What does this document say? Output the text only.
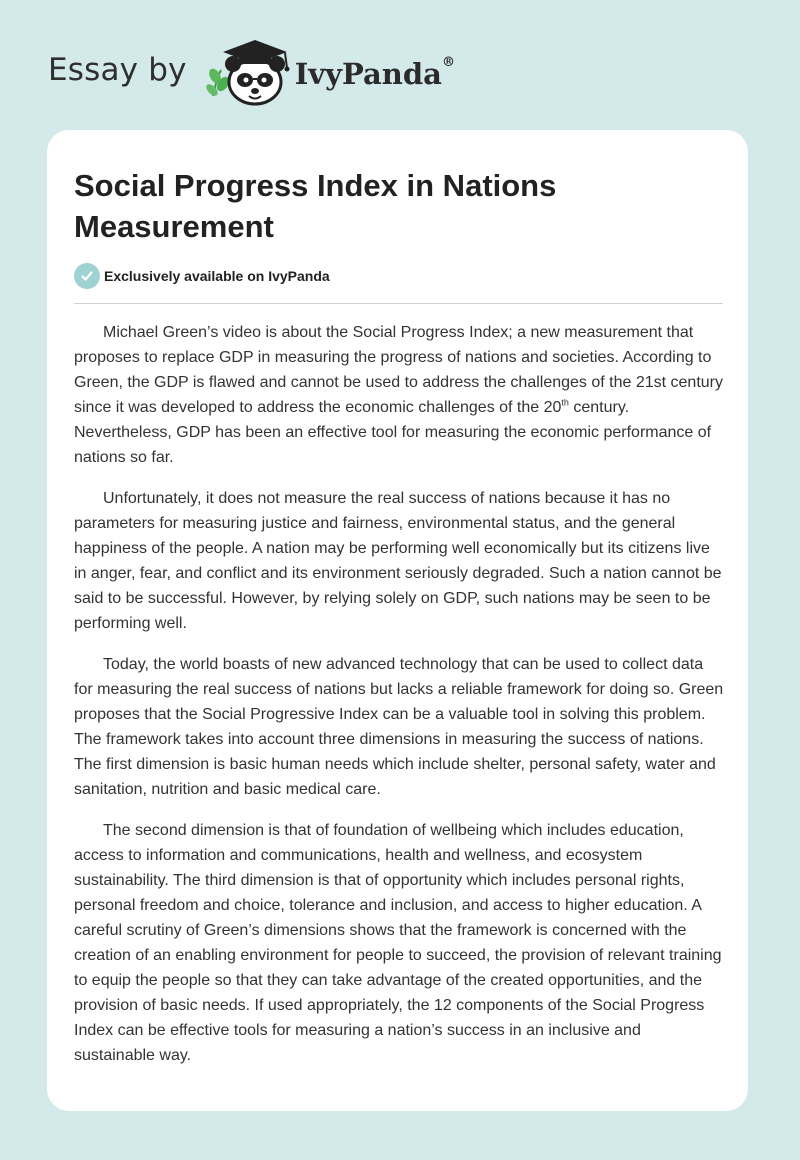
Essay by	IvyPanda®
Social Progress Index in Nations Measurement
Exclusively available on IvyPanda

Michael Green’s video is about the Social Progress Index; a new measurement that proposes to replace GDP in measuring the progress of nations and societies. According to Green, the GDP is flawed and cannot be used to address the challenges of the 21st century since it was developed to address the economic challenges of the 20th century. Nevertheless, GDP has been an effective tool for measuring the economic performance of nations so far.

Unfortunately, it does not measure the real success of nations because it has no parameters for measuring justice and fairness, environmental status, and the general happiness of the people. A nation may be performing well economically but its citizens live in anger, fear, and conflict and its environment seriously degraded. Such a nation cannot be said to be successful. However, by relying solely on GDP, such nations may be seen to be performing well.

Today, the world boasts of new advanced technology that can be used to collect data for measuring the real success of nations but lacks a reliable framework for doing so. Green proposes that the Social Progressive Index can be a valuable tool in solving this problem. The framework takes into account three dimensions in measuring the success of nations. The first dimension is basic human needs which include shelter, personal safety, water and sanitation, nutrition and basic medical care.

The second dimension is that of foundation of wellbeing which includes education, access to information and communications, health and wellness, and ecosystem sustainability. The third dimension is that of opportunity which includes personal rights, personal freedom and choice, tolerance and inclusion, and access to higher education. A careful scrutiny of Green’s dimensions shows that the framework is concerned with the creation of an enabling environment for people to succeed, the provision of relevant training to equip the people so that they can take advantage of the created opportunities, and the provision of basic needs. If used appropriately, the 12 components of the Social Progress Index can be effective tools for measuring a nation’s success in an inclusive and sustainable way.
